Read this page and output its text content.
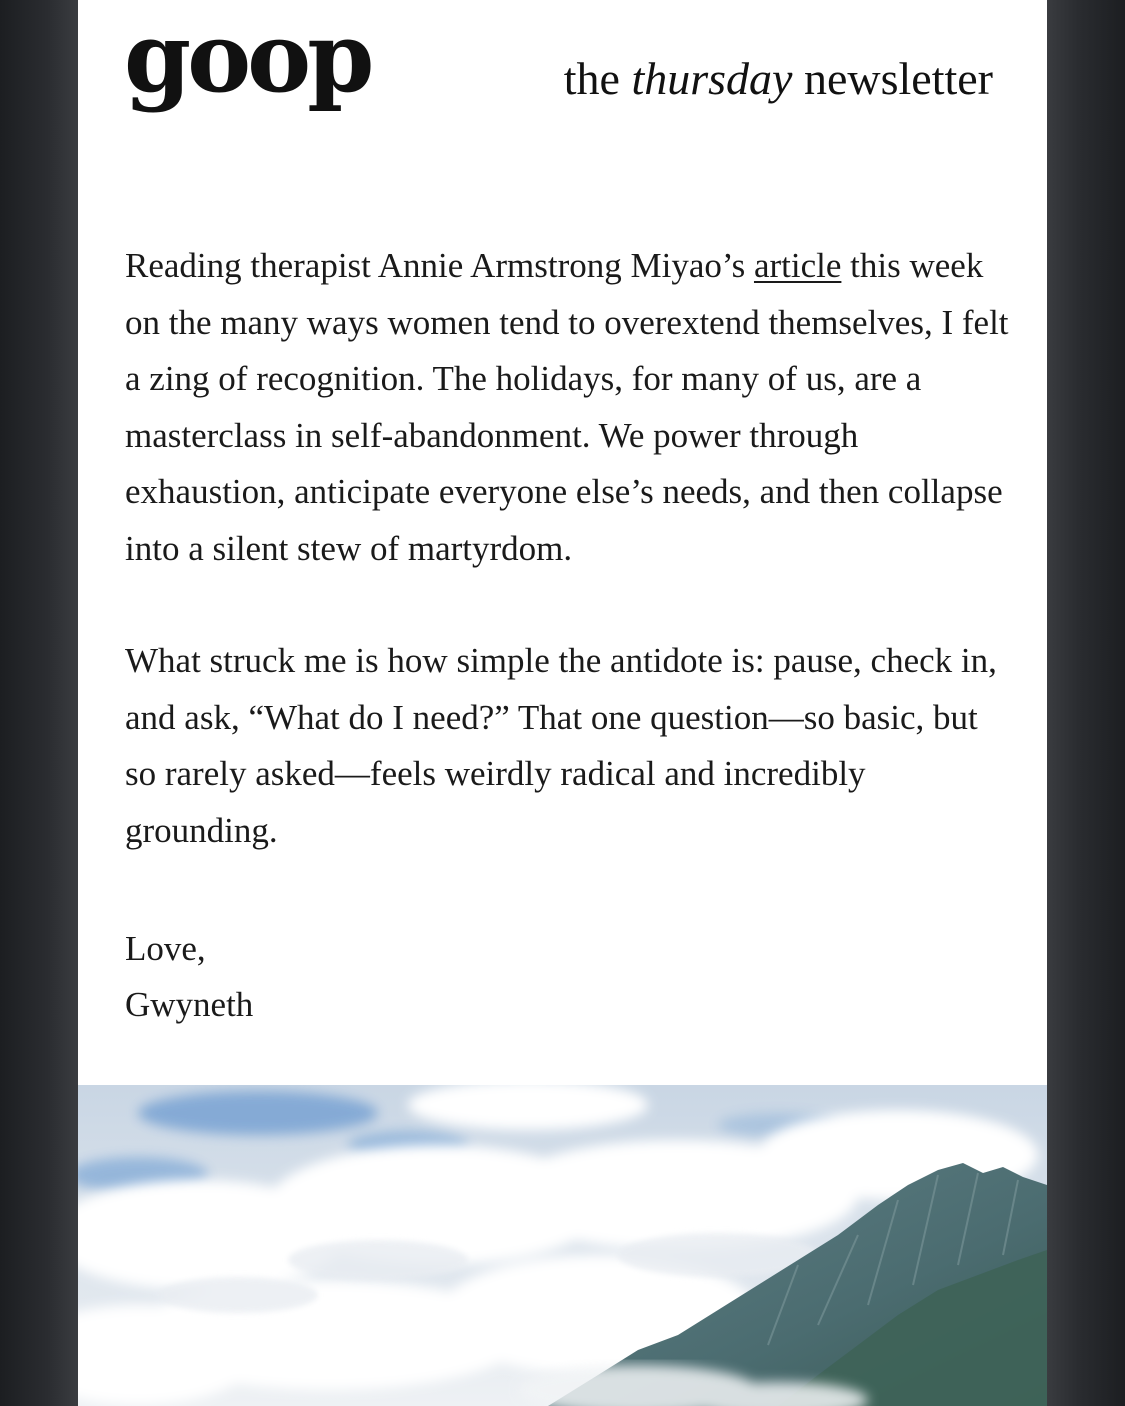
goop	the thursday newsletter

Reading therapist Annie Armstrong Miyao’s article this week on the many ways women tend to overextend themselves, I felt a zing of recognition. The holidays, for many of us, are a masterclass in self-abandonment. We power through exhaustion, anticipate everyone else’s needs, and then collapse into a silent stew of martyrdom.

What struck me is how simple the antidote is: pause, check in, and ask, “What do I need?” That one question—so basic, but so rarely asked—feels weirdly radical and incredibly grounding.

Love,
Gwyneth
